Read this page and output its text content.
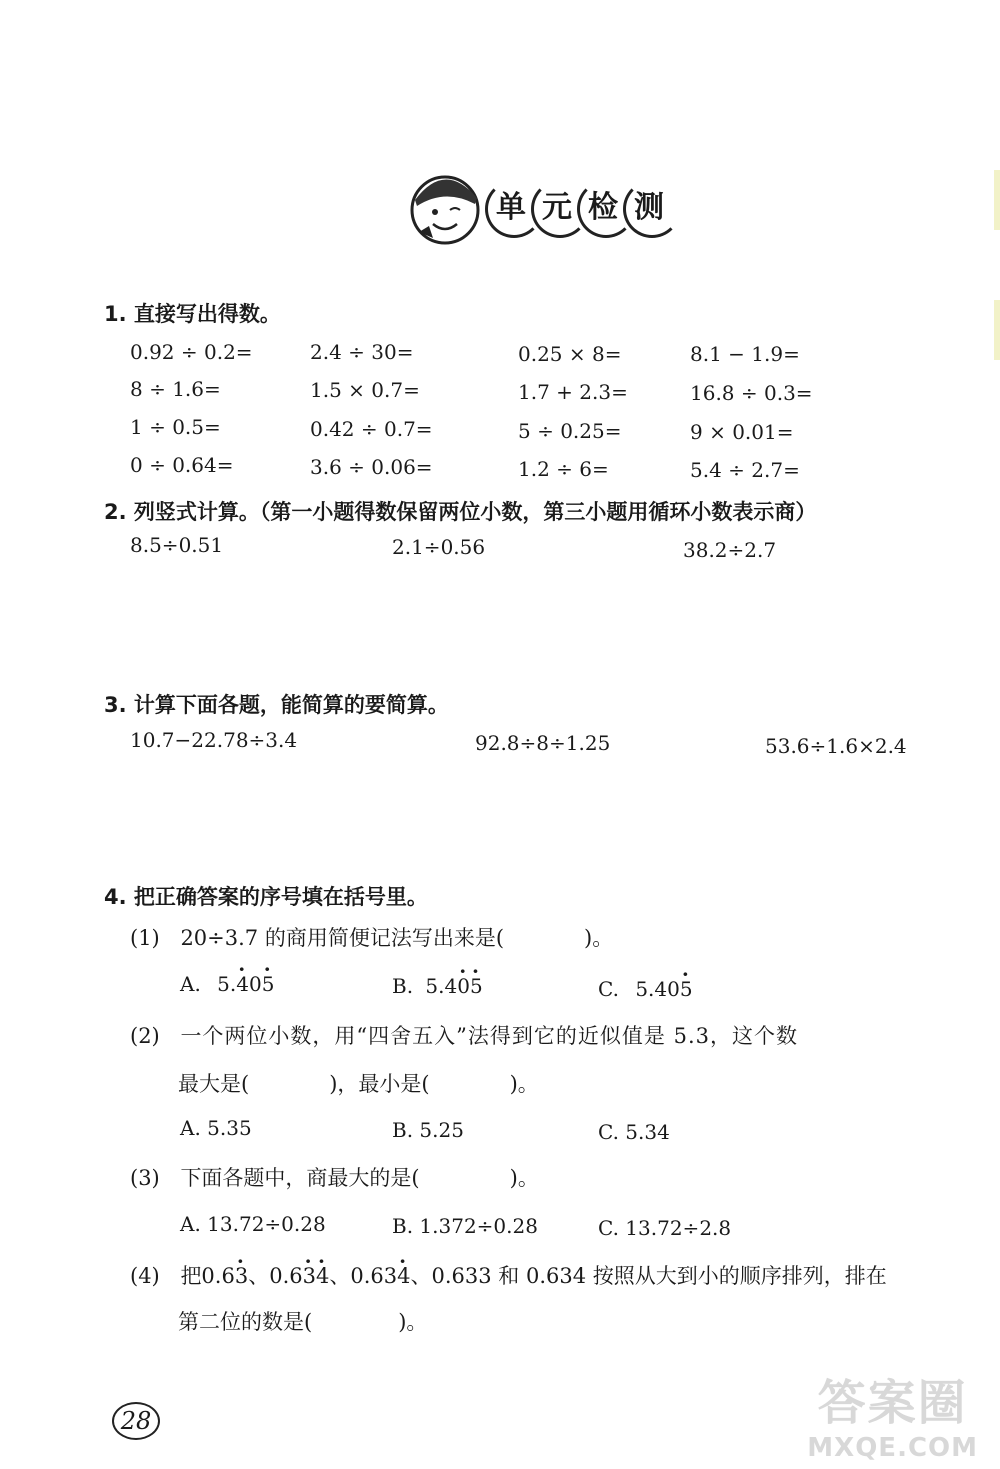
单 元 检 测
1. 直接写出得数。
0.92 ÷ 0.2=	2.4 ÷ 30=	0.25 × 8=	8.1 − 1.9=
8 ÷ 1.6=	1.5 × 0.7=	1.7 + 2.3=	16.8 ÷ 0.3=
1 ÷ 0.5=	0.42 ÷ 0.7=	5 ÷ 0.25=	9 × 0.01=
0 ÷ 0.64=	3.6 ÷ 0.06=	1.2 ÷ 6=	5.4 ÷ 2.7=
2. 列竖式计算。（第一小题得数保留两位小数，第三小题用循环小数表示商）
8.5÷0.51	2.1÷0.56	38.2÷2.7
3. 计算下面各题，能简算的要简算。
10.7−22.78÷3.4	92.8÷8÷1.25	53.6÷1.6×2.4
4. 把正确答案的序号填在括号里。
(1) 20÷3.7 的商用简便记法写出来是(	)。
A. 5.· 40· 5	B. 5.4· 0· 5	C. 5.40· 5
(2) 一个两位小数，用“四舍五入”法得到它的近似值是 5.3，这个数
最大是(	)，最小是(	)。
A. 5.35	B. 5.25	C. 5.34
(3) 下面各题中，商最大的是(	)。
A. 13.72÷0.28	B. 1.372÷0.28	C. 13.72÷2.8
(4) 把0.6· 3、0.6· 3· 4、0.63· 4、0.633 和 0.634 按照从大到小的顺序排列，排在
第二位的数是(	)。
28	答案圈
MXQE.COM
